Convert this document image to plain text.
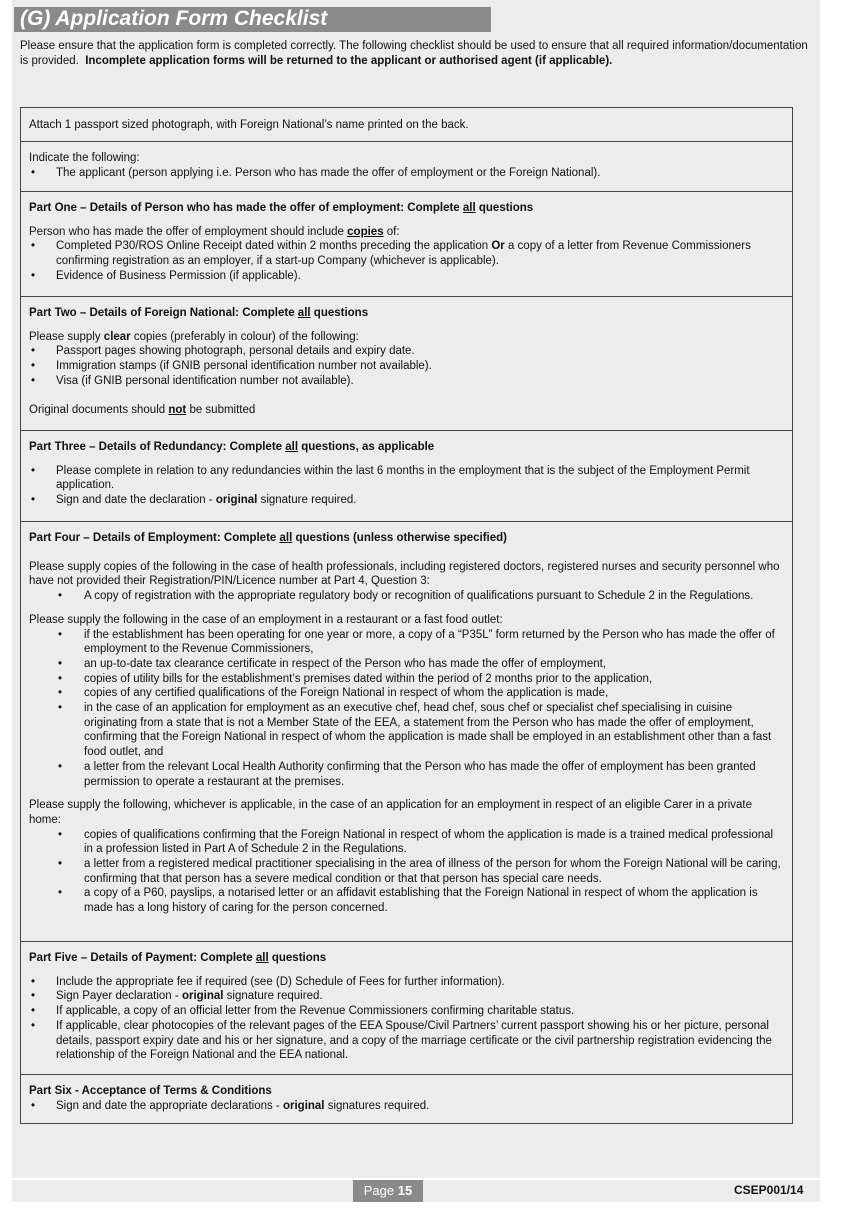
(G) Application Form Checklist
Please ensure that the application form is completed correctly. The following checklist should be used to ensure that all required information/documentation is provided. Incomplete application forms will be returned to the applicant or authorised agent (if applicable).
Attach 1 passport sized photograph, with Foreign National’s name printed on the back.
Indicate the following:
• The applicant (person applying i.e. Person who has made the offer of employment or the Foreign National).
Part One – Details of Person who has made the offer of employment: Complete all questions
Person who has made the offer of employment should include copies of:
• Completed P30/ROS Online Receipt dated within 2 months preceding the application Or a copy of a letter from Revenue Commissioners confirming registration as an employer, if a start-up Company (whichever is applicable).
• Evidence of Business Permission (if applicable).
Part Two – Details of Foreign National: Complete all questions
Please supply clear copies (preferably in colour) of the following:
• Passport pages showing photograph, personal details and expiry date.
• Immigration stamps (if GNIB personal identification number not available).
• Visa (if GNIB personal identification number not available).
Original documents should not be submitted
Part Three – Details of Redundancy: Complete all questions, as applicable
• Please complete in relation to any redundancies within the last 6 months in the employment that is the subject of the Employment Permit application.
• Sign and date the declaration - original signature required.
Part Four – Details of Employment: Complete all questions (unless otherwise specified)
Please supply copies of the following in the case of health professionals, including registered doctors, registered nurses and security personnel who have not provided their Registration/PIN/Licence number at Part 4, Question 3:
• A copy of registration with the appropriate regulatory body or recognition of qualifications pursuant to Schedule 2 in the Regulations.
Please supply the following in the case of an employment in a restaurant or a fast food outlet:
• if the establishment has been operating for one year or more, a copy of a “P35L” form returned by the Person who has made the offer of employment to the Revenue Commissioners,
• an up-to-date tax clearance certificate in respect of the Person who has made the offer of employment,
• copies of utility bills for the establishment’s premises dated within the period of 2 months prior to the application,
• copies of any certified qualifications of the Foreign National in respect of whom the application is made,
• in the case of an application for employment as an executive chef, head chef, sous chef or specialist chef specialising in cuisine originating from a state that is not a Member State of the EEA, a statement from the Person who has made the offer of employment, confirming that the Foreign National in respect of whom the application is made shall be employed in an establishment other than a fast food outlet, and
• a letter from the relevant Local Health Authority confirming that the Person who has made the offer of employment has been granted permission to operate a restaurant at the premises.
Please supply the following, whichever is applicable, in the case of an application for an employment in respect of an eligible Carer in a private home:
• copies of qualifications confirming that the Foreign National in respect of whom the application is made is a trained medical professional in a profession listed in Part A of Schedule 2 in the Regulations.
• a letter from a registered medical practitioner specialising in the area of illness of the person for whom the Foreign National will be caring, confirming that that person has a severe medical condition or that that person has special care needs.
• a copy of a P60, payslips, a notarised letter or an affidavit establishing that the Foreign National in respect of whom the application is made has a long history of caring for the person concerned.
Part Five – Details of Payment: Complete all questions
• Include the appropriate fee if required (see (D) Schedule of Fees for further information).
• Sign Payer declaration - original signature required.
• If applicable, a copy of an official letter from the Revenue Commissioners confirming charitable status.
• If applicable, clear photocopies of the relevant pages of the EEA Spouse/Civil Partners’ current passport showing his or her picture, personal details, passport expiry date and his or her signature, and a copy of the marriage certificate or the civil partnership registration evidencing the relationship of the Foreign National and the EEA national.
Part Six - Acceptance of Terms & Conditions
• Sign and date the appropriate declarations - original signatures required.
Page 15	CSEP001/14
